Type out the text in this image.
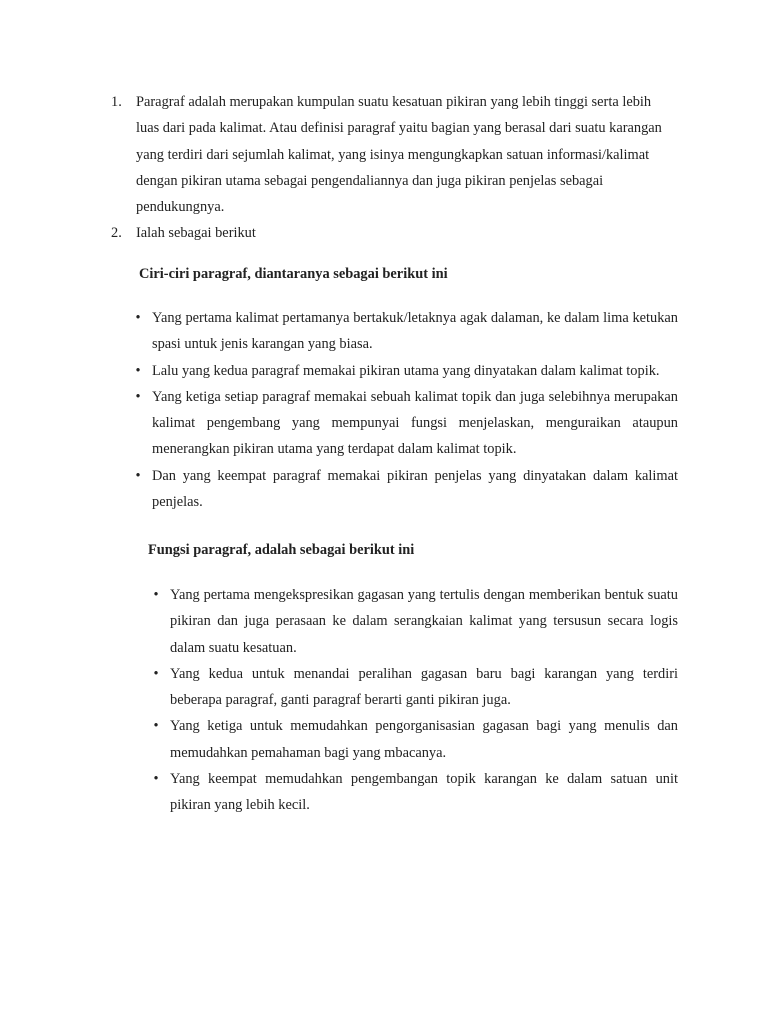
1. Paragraf adalah merupakan kumpulan suatu kesatuan pikiran yang lebih tinggi serta lebih luas dari pada kalimat. Atau definisi paragraf yaitu bagian yang berasal dari suatu karangan yang terdiri dari sejumlah kalimat, yang isinya mengungkapkan satuan informasi/kalimat dengan pikiran utama sebagai pengendaliannya dan juga pikiran penjelas sebagai pendukungnya.
2. Ialah sebagai berikut
Ciri-ciri paragraf, diantaranya sebagai berikut ini
• Yang pertama kalimat pertamanya bertakuk/letaknya agak dalaman, ke dalam lima ketukan spasi untuk jenis karangan yang biasa.
• Lalu yang kedua paragraf memakai pikiran utama yang dinyatakan dalam kalimat topik.
• Yang ketiga setiap paragraf memakai sebuah kalimat topik dan juga selebihnya merupakan kalimat pengembang yang mempunyai fungsi menjelaskan, menguraikan ataupun menerangkan pikiran utama yang terdapat dalam kalimat topik.
• Dan yang keempat paragraf memakai pikiran penjelas yang dinyatakan dalam kalimat penjelas.
Fungsi paragraf, adalah sebagai berikut ini
• Yang pertama mengekspresikan gagasan yang tertulis dengan memberikan bentuk suatu pikiran dan juga perasaan ke dalam serangkaian kalimat yang tersusun secara logis dalam suatu kesatuan.
• Yang kedua untuk menandai peralihan gagasan baru bagi karangan yang terdiri beberapa paragraf, ganti paragraf berarti ganti pikiran juga.
• Yang ketiga untuk memudahkan pengorganisasian gagasan bagi yang menulis dan memudahkan pemahaman bagi yang mbacanya.
• Yang keempat memudahkan pengembangan topik karangan ke dalam satuan unit pikiran yang lebih kecil.
